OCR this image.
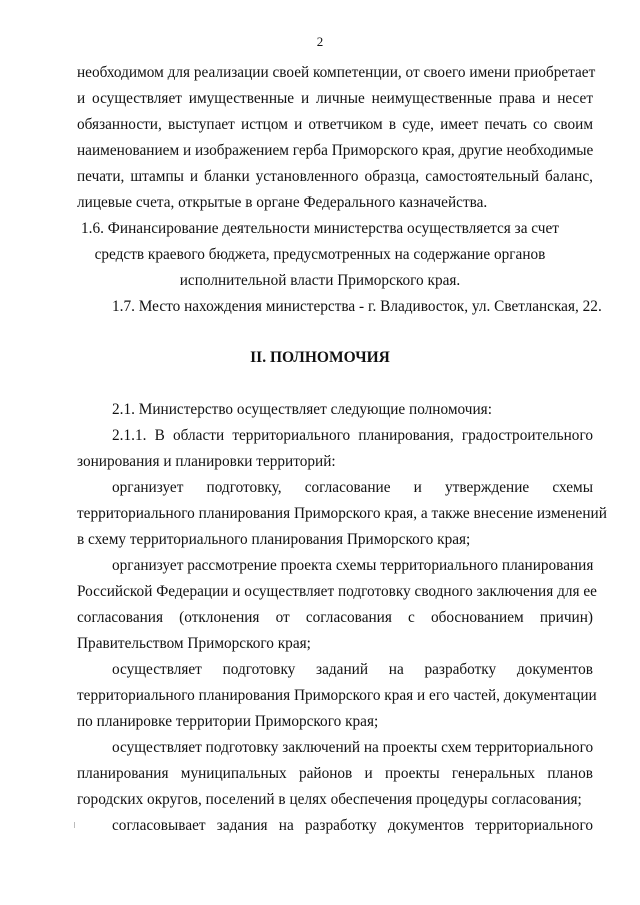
2
необходимом для реализации своей компетенции, от своего имени приобретает
и осуществляет имущественные и личные неимущественные права и несет
обязанности, выступает истцом и ответчиком в суде, имеет печать со своим
наименованием и изображением герба Приморского края, другие необходимые
печати, штампы и бланки установленного образца, самостоятельный баланс,
лицевые счета, открытые в органе Федерального казначейства.
1.6. Финансирование деятельности министерства осуществляется за счет
средств краевого бюджета, предусмотренных на содержание органов
исполнительной власти Приморского края.
1.7. Место нахождения министерства - г. Владивосток, ул. Светланская, 22.
II. ПОЛНОМОЧИЯ
2.1. Министерство осуществляет следующие полномочия:
2.1.1. В области территориального планирования, градостроительного
зонирования и планировки территорий:
организует подготовку, согласование и утверждение схемы
территориального планирования Приморского края, а также внесение изменений
в схему территориального планирования Приморского края;
организует рассмотрение проекта схемы территориального планирования
Российской Федерации и осуществляет подготовку сводного заключения для ее
согласования (отклонения от согласования с обоснованием причин)
Правительством Приморского края;
осуществляет подготовку заданий на разработку документов
территориального планирования Приморского края и его частей, документации
по планировке территории Приморского края;
осуществляет подготовку заключений на проекты схем территориального
планирования муниципальных районов и проекты генеральных планов
городских округов, поселений в целях обеспечения процедуры согласования;
согласовывает задания на разработку документов территориального
